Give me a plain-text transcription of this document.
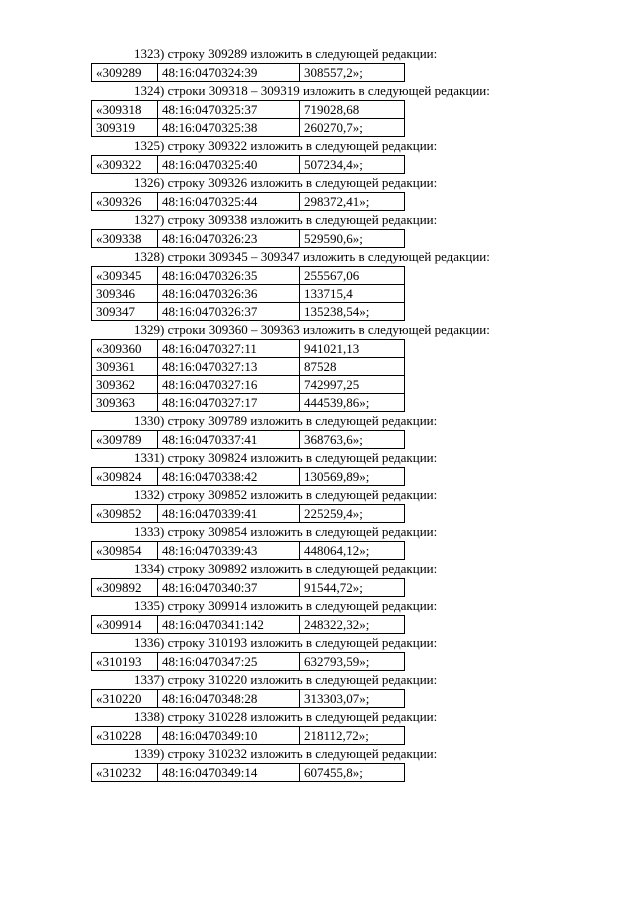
1323) строку 309289 изложить в следующей редакции:
«309289	48:16:0470324:39	308557,2»;
1324) строки 309318 – 309319 изложить в следующей редакции:
«309318	48:16:0470325:37	719028,68
309319	48:16:0470325:38	260270,7»;
1325) строку 309322 изложить в следующей редакции:
«309322	48:16:0470325:40	507234,4»;
1326) строку 309326 изложить в следующей редакции:
«309326	48:16:0470325:44	298372,41»;
1327) строку 309338 изложить в следующей редакции:
«309338	48:16:0470326:23	529590,6»;
1328) строки 309345 – 309347 изложить в следующей редакции:
«309345	48:16:0470326:35	255567,06
309346	48:16:0470326:36	133715,4
309347	48:16:0470326:37	135238,54»;
1329) строки 309360 – 309363 изложить в следующей редакции:
«309360	48:16:0470327:11	941021,13
309361	48:16:0470327:13	87528
309362	48:16:0470327:16	742997,25
309363	48:16:0470327:17	444539,86»;
1330) строку 309789 изложить в следующей редакции:
«309789	48:16:0470337:41	368763,6»;
1331) строку 309824 изложить в следующей редакции:
«309824	48:16:0470338:42	130569,89»;
1332) строку 309852 изложить в следующей редакции:
«309852	48:16:0470339:41	225259,4»;
1333) строку 309854 изложить в следующей редакции:
«309854	48:16:0470339:43	448064,12»;
1334) строку 309892 изложить в следующей редакции:
«309892	48:16:0470340:37	91544,72»;
1335) строку 309914 изложить в следующей редакции:
«309914	48:16:0470341:142	248322,32»;
1336) строку 310193 изложить в следующей редакции:
«310193	48:16:0470347:25	632793,59»;
1337) строку 310220 изложить в следующей редакции:
«310220	48:16:0470348:28	313303,07»;
1338) строку 310228 изложить в следующей редакции:
«310228	48:16:0470349:10	218112,72»;
1339) строку 310232 изложить в следующей редакции:
«310232	48:16:0470349:14	607455,8»;
